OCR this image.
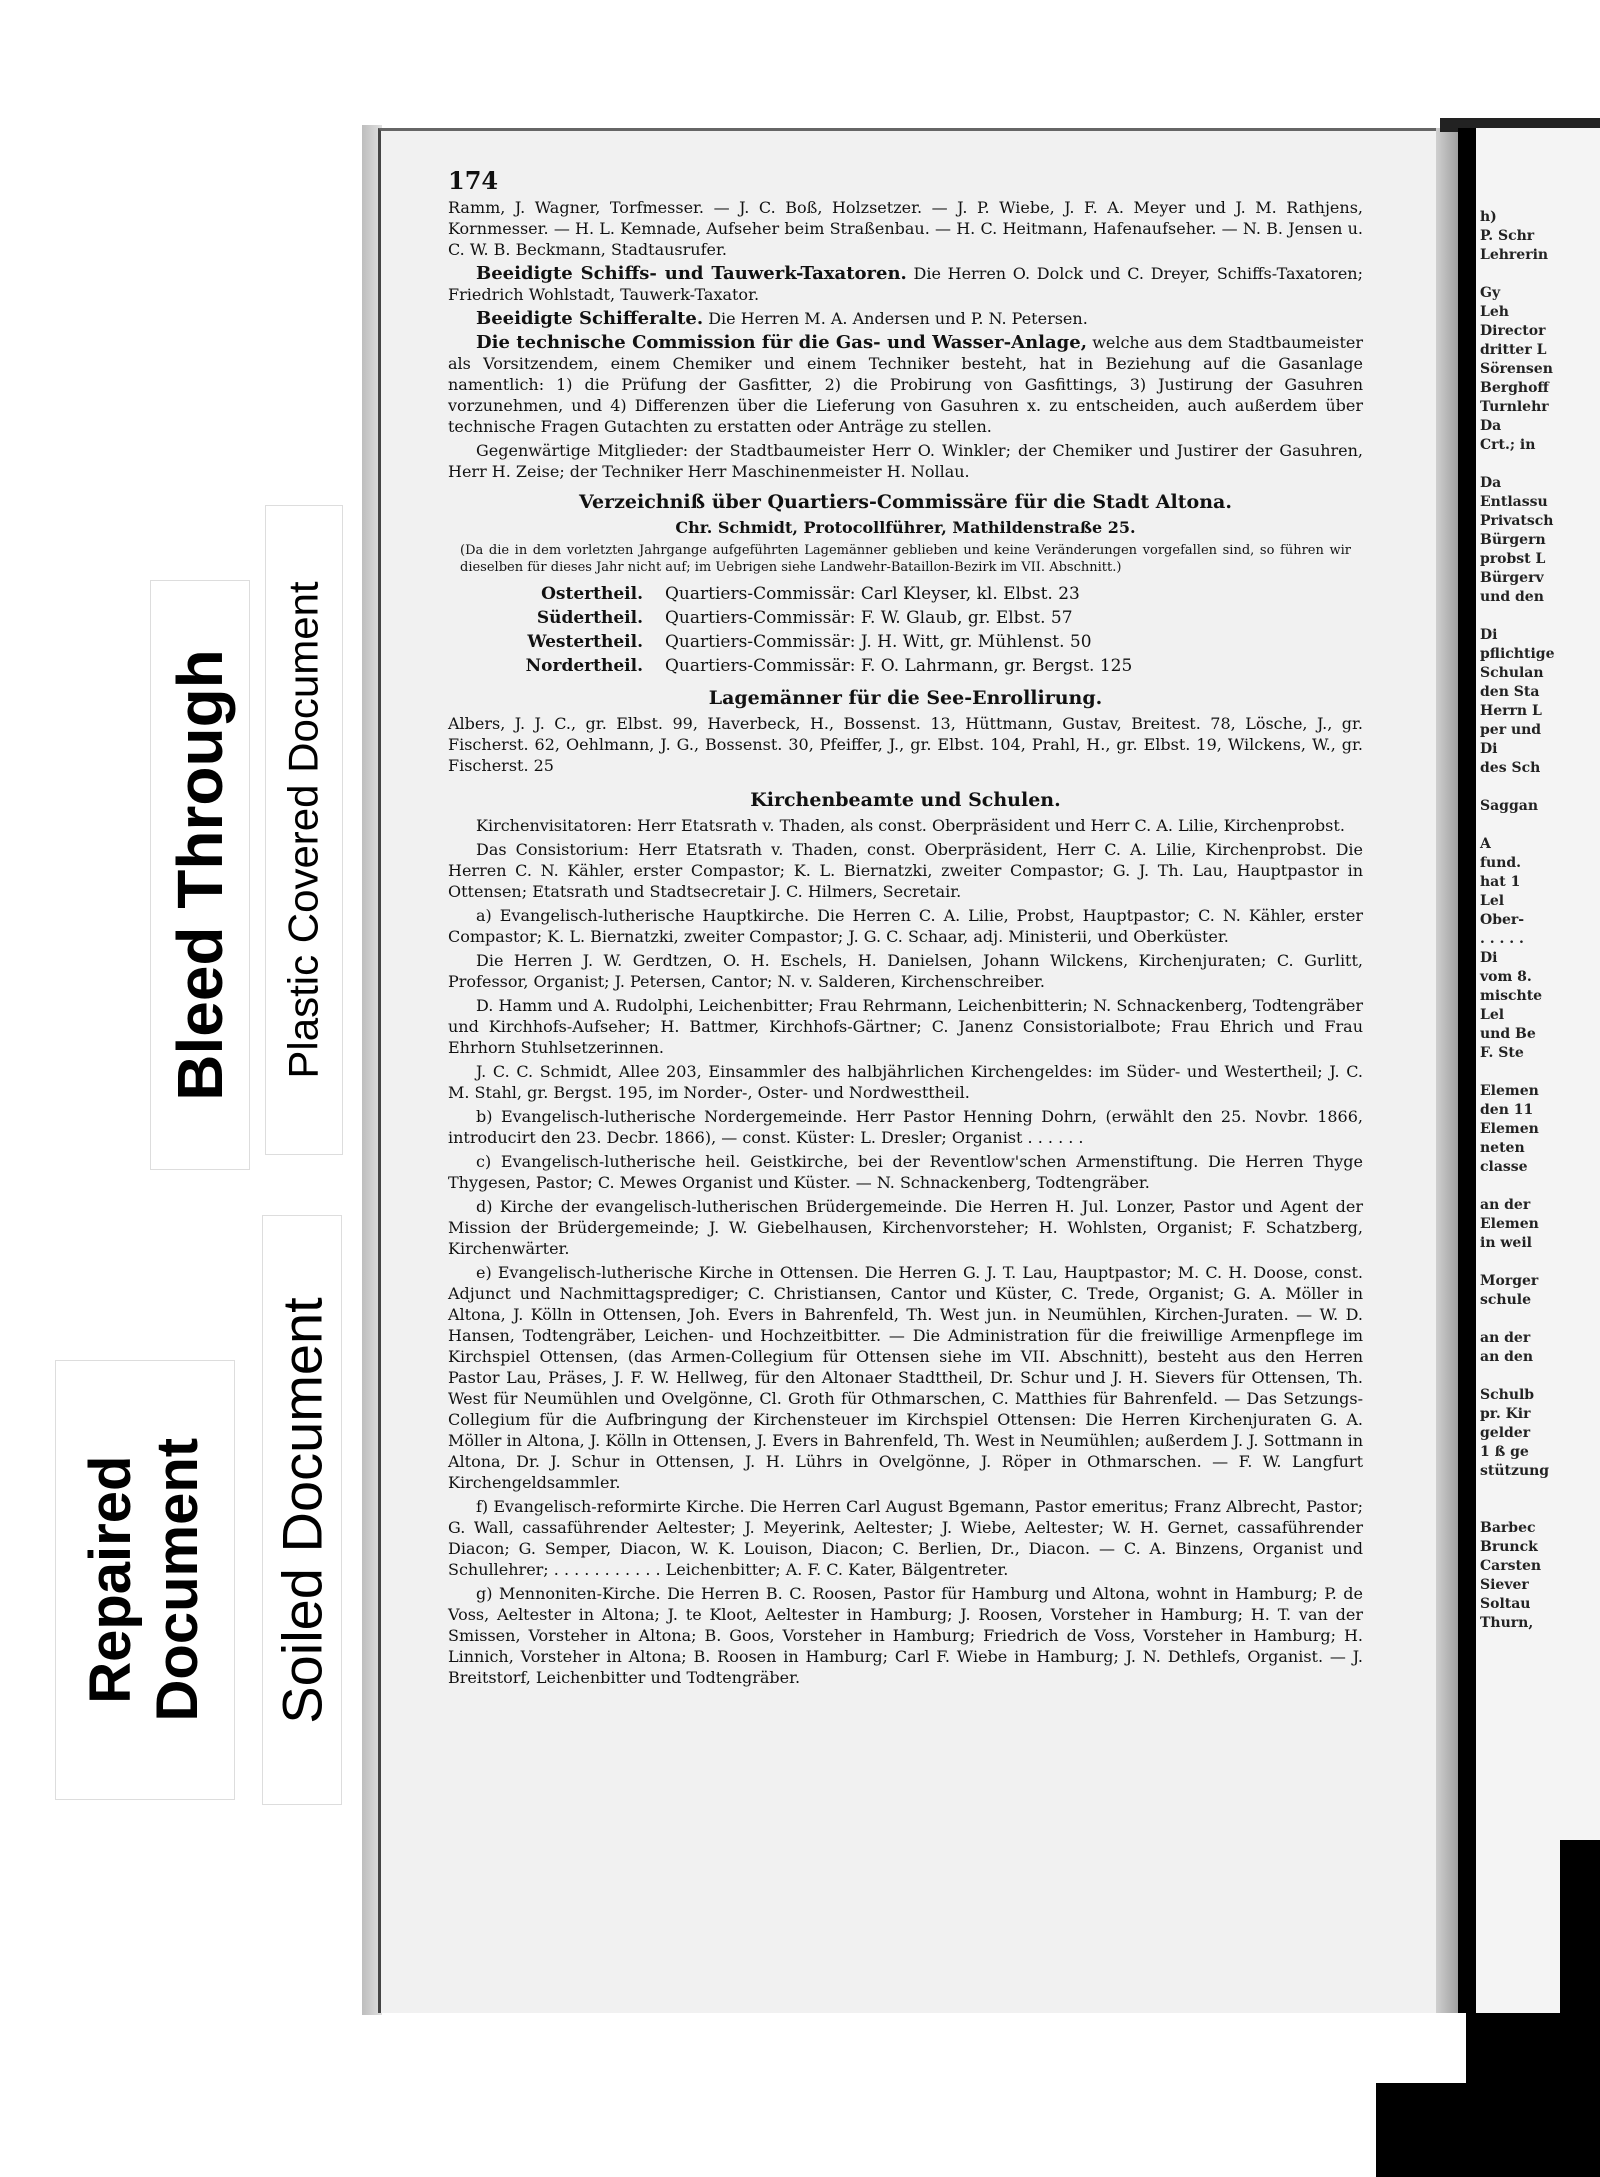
Bleed Through Plastic Covered Document
Repaired Document Soiled Document
h)
P. Schr
Lehrerin

Gy
Leh
Director
dritter L
Sörensen
Berghoff
Turnlehr
Da
Crt.; in

Da
Entlassu
Privatsch
Bürgern
probst L
Bürgerv
und den

Di
pflichtige
Schulan
den Sta
Herrn L
per und
Di
des Sch

Saggan

A
fund.
hat 1
Lel
Ober-
. . . . .
Di
vom 8.
mischte
Lel
und Be
F. Ste

Elemen
den 11
Elemen
neten
classe

an der
Elemen
in weil

Morger
schule

an der
an den

Schulb
pr. Kir
gelder
1 ß ge
stützung

Barbec
Brunck
Carsten
Siever
Soltau
Thurn,
174
Ramm, J. Wagner, Torfmesser. — J. C. Boß, Holzsetzer. — J. P. Wiebe, J. F. A. Meyer und J. M. Rathjens, Kornmesser. — H. L. Kemnade, Aufseher beim Straßenbau. — H. C. Heitmann, Hafenaufseher. — N. B. Jensen u. C. W. B. Beckmann, Stadtausrufer.
Beeidigte Schiffs- und Tauwerk-Taxatoren. Die Herren O. Dolck und C. Dreyer, Schiffs-Taxatoren; Friedrich Wohlstadt, Tauwerk-Taxator.
Beeidigte Schifferalte. Die Herren M. A. Andersen und P. N. Petersen.
Die technische Commission für die Gas- und Wasser-Anlage, welche aus dem Stadtbaumeister als Vorsitzendem, einem Chemiker und einem Techniker besteht, hat in Beziehung auf die Gasanlage namentlich: 1) die Prüfung der Gasfitter, 2) die Probirung von Gasfittings, 3) Justirung der Gasuhren vorzunehmen, und 4) Differenzen über die Lieferung von Gasuhren x. zu entscheiden, auch außerdem über technische Fragen Gutachten zu erstatten oder Anträge zu stellen.
Gegenwärtige Mitglieder: der Stadtbaumeister Herr O. Winkler; der Chemiker und Justirer der Gasuhren, Herr H. Zeise; der Techniker Herr Maschinenmeister H. Nollau.
Verzeichniß über Quartiers-Commissäre für die Stadt Altona.
Chr. Schmidt, Protocollführer, Mathildenstraße 25.
(Da die in dem vorletzten Jahrgange aufgeführten Lagemänner geblieben und keine Veränderungen vorgefallen sind, so führen wir dieselben für dieses Jahr nicht auf; im Uebrigen siehe Landwehr-Bataillon-Bezirk im VII. Abschnitt.)
Ostertheil.	Quartiers-Commissär: Carl Kleyser, kl. Elbst. 23
Südertheil.	Quartiers-Commissär: F. W. Glaub, gr. Elbst. 57
Westertheil.	Quartiers-Commissär: J. H. Witt, gr. Mühlenst. 50
Nordertheil.	Quartiers-Commissär: F. O. Lahrmann, gr. Bergst. 125
Lagemänner für die See-Enrollirung.
Albers, J. J. C., gr. Elbst. 99, Haverbeck, H., Bossenst. 13, Hüttmann, Gustav, Breitest. 78, Lösche, J., gr. Fischerst. 62, Oehlmann, J. G., Bossenst. 30, Pfeiffer, J., gr. Elbst. 104, Prahl, H., gr. Elbst. 19, Wilckens, W., gr. Fischerst. 25
Kirchenbeamte und Schulen.
Kirchenvisitatoren: Herr Etatsrath v. Thaden, als const. Oberpräsident und Herr C. A. Lilie, Kirchenprobst.
Das Consistorium: Herr Etatsrath v. Thaden, const. Oberpräsident, Herr C. A. Lilie, Kirchenprobst. Die Herren C. N. Kähler, erster Compastor; K. L. Biernatzki, zweiter Compastor; G. J. Th. Lau, Hauptpastor in Ottensen; Etatsrath und Stadtsecretair J. C. Hilmers, Secretair.
a) Evangelisch-lutherische Hauptkirche. Die Herren C. A. Lilie, Probst, Hauptpastor; C. N. Kähler, erster Compastor; K. L. Biernatzki, zweiter Compastor; J. G. C. Schaar, adj. Ministerii, und Oberküster.
Die Herren J. W. Gerdtzen, O. H. Eschels, H. Danielsen, Johann Wilckens, Kirchenjuraten; C. Gurlitt, Professor, Organist; J. Petersen, Cantor; N. v. Salderen, Kirchenschreiber.
D. Hamm und A. Rudolphi, Leichenbitter; Frau Rehrmann, Leichenbitterin; N. Schnackenberg, Todtengräber und Kirchhofs-Aufseher; H. Battmer, Kirchhofs-Gärtner; C. Janenz Consistorialbote; Frau Ehrich und Frau Ehrhorn Stuhlsetzerinnen.
J. C. C. Schmidt, Allee 203, Einsammler des halbjährlichen Kirchengeldes: im Süder- und Westertheil; J. C. M. Stahl, gr. Bergst. 195, im Norder-, Oster- und Nordwesttheil.
b) Evangelisch-lutherische Nordergemeinde. Herr Pastor Henning Dohrn, (erwählt den 25. Novbr. 1866, introducirt den 23. Decbr. 1866), — const. Küster: L. Dresler; Organist . . . . . .
c) Evangelisch-lutherische heil. Geistkirche, bei der Reventlow'schen Armenstiftung. Die Herren Thyge Thygesen, Pastor; C. Mewes Organist und Küster. — N. Schnackenberg, Todtengräber.
d) Kirche der evangelisch-lutherischen Brüdergemeinde. Die Herren H. Jul. Lonzer, Pastor und Agent der Mission der Brüdergemeinde; J. W. Giebelhausen, Kirchenvorsteher; H. Wohlsten, Organist; F. Schatzberg, Kirchenwärter.
e) Evangelisch-lutherische Kirche in Ottensen. Die Herren G. J. T. Lau, Hauptpastor; M. C. H. Doose, const. Adjunct und Nachmittagsprediger; C. Christiansen, Cantor und Küster, C. Trede, Organist; G. A. Möller in Altona, J. Kölln in Ottensen, Joh. Evers in Bahrenfeld, Th. West jun. in Neumühlen, Kirchen-Juraten. — W. D. Hansen, Todtengräber, Leichen- und Hochzeitbitter. — Die Administration für die freiwillige Armenpflege im Kirchspiel Ottensen, (das Armen-Collegium für Ottensen siehe im VII. Abschnitt), besteht aus den Herren Pastor Lau, Präses, J. F. W. Hellweg, für den Altonaer Stadttheil, Dr. Schur und J. H. Sievers für Ottensen, Th. West für Neumühlen und Ovelgönne, Cl. Groth für Othmarschen, C. Matthies für Bahrenfeld. — Das Setzungs-Collegium für die Aufbringung der Kirchensteuer im Kirchspiel Ottensen: Die Herren Kirchenjuraten G. A. Möller in Altona, J. Kölln in Ottensen, J. Evers in Bahrenfeld, Th. West in Neumühlen; außerdem J. J. Sottmann in Altona, Dr. J. Schur in Ottensen, J. H. Lührs in Ovelgönne, J. Röper in Othmarschen. — F. W. Langfurt Kirchengeldsammler.
f) Evangelisch-reformirte Kirche. Die Herren Carl August Bgemann, Pastor emeritus; Franz Albrecht, Pastor; G. Wall, cassaführender Aeltester; J. Meyerink, Aeltester; J. Wiebe, Aeltester; W. H. Gernet, cassaführender Diacon; G. Semper, Diacon, W. K. Louison, Diacon; C. Berlien, Dr., Diacon. — C. A. Binzens, Organist und Schullehrer; . . . . . . . . . . . Leichenbitter; A. F. C. Kater, Bälgentreter.
g) Mennoniten-Kirche. Die Herren B. C. Roosen, Pastor für Hamburg und Altona, wohnt in Hamburg; P. de Voss, Aeltester in Altona; J. te Kloot, Aeltester in Hamburg; J. Roosen, Vorsteher in Hamburg; H. T. van der Smissen, Vorsteher in Altona; B. Goos, Vorsteher in Hamburg; Friedrich de Voss, Vorsteher in Hamburg; H. Linnich, Vorsteher in Altona; B. Roosen in Hamburg; Carl F. Wiebe in Hamburg; J. N. Dethlefs, Organist. — J. Breitstorf, Leichenbitter und Todtengräber.
